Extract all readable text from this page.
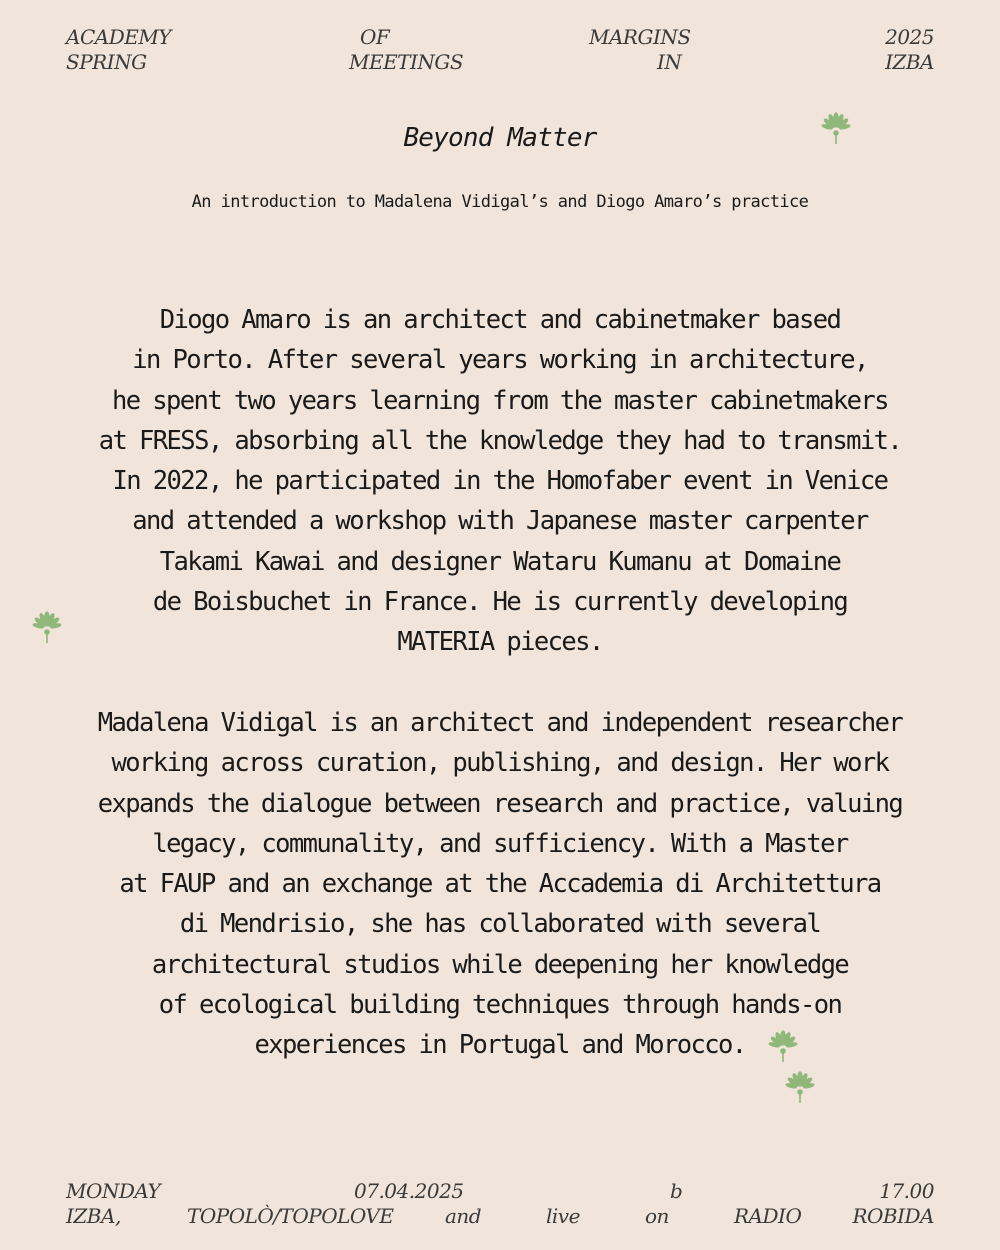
ACADEMY	OF	MARGINS	2025
SPRING	MEETINGS	IN	IZBA
Beyond Matter
An introduction to Madalena Vidigal’s and Diogo Amaro’s practice
Diogo Amaro is an architect and cabinetmaker based
in Porto. After several years working in architecture,
he spent two years learning from the master cabinetmakers
at FRESS, absorbing all the knowledge they had to transmit.
In 2022, he participated in the Homofaber event in Venice
and attended a workshop with Japanese master carpenter
Takami Kawai and designer Wataru Kumanu at Domaine
de Boisbuchet in France. He is currently developing
MATERIA pieces.
Madalena Vidigal is an architect and independent researcher
working across curation, publishing, and design. Her work
expands the dialogue between research and practice, valuing
legacy, communality, and sufficiency. With a Master
at FAUP and an exchange at the Accademia di Architettura
di Mendrisio, she has collaborated with several
architectural studios while deepening her knowledge
of ecological building techniques through hands-on
experiences in Portugal and Morocco.
MONDAY	07.04.2025	b	17.00
IZBA,	TOPOLÒ/TOPOLOVE	and	live	on	RADIO	ROBIDA
